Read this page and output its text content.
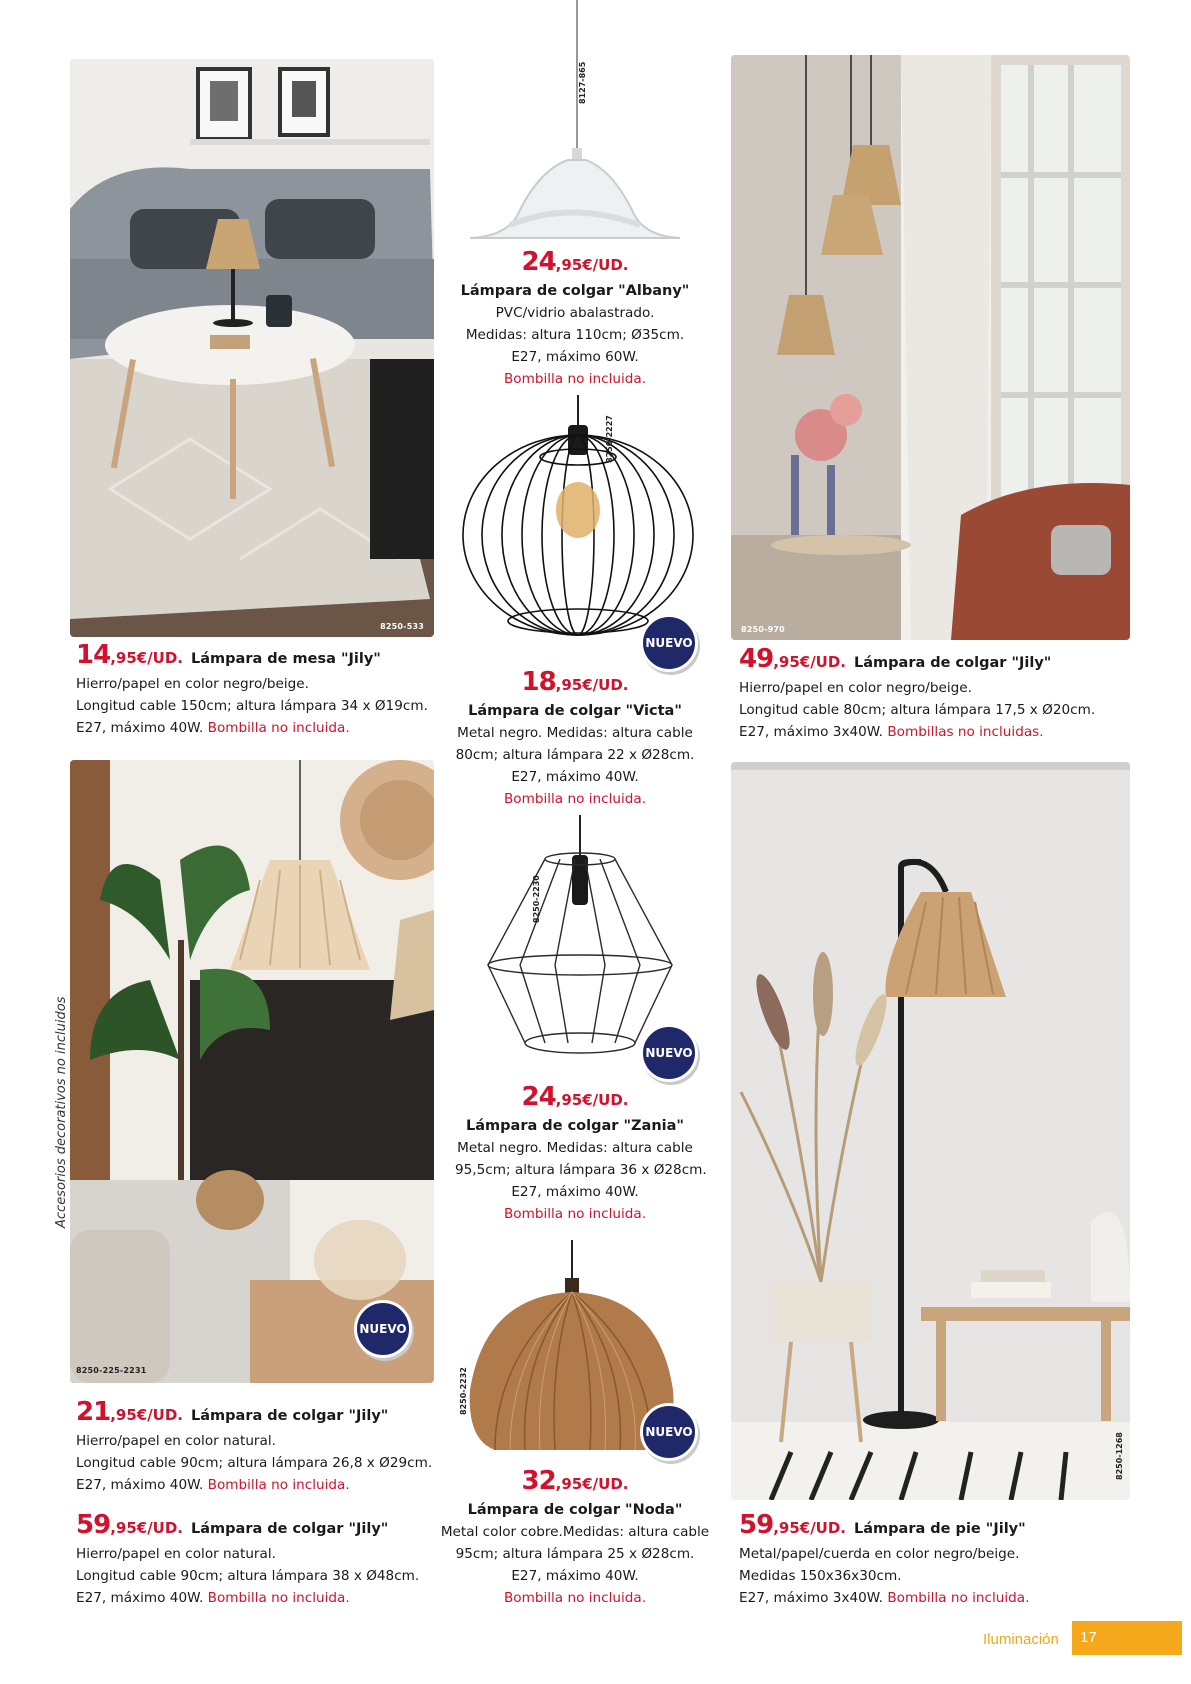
8250-533	8250-970
8127-865
24,95€/UD.
Lámpara de colgar "Albany"
PVC/vidrio abalastrado.
Medidas: altura 110cm; Ø35cm.
E27, máximo 60W.
Bombilla no incluida.
8250-2227
NUEVO
18,95€/UD.
Lámpara de colgar "Victa"
Metal negro. Medidas: altura cable
80cm; altura lámpara 22 x Ø28cm.
E27, máximo 40W.
Bombilla no incluida.
14,95€/UD. Lámpara de mesa "Jily"
Hierro/papel en color negro/beige.
Longitud cable 150cm; altura lámpara 34 x Ø19cm.
E27, máximo 40W. Bombilla no incluida.
49,95€/UD. Lámpara de colgar "Jily"
Hierro/papel en color negro/beige.
Longitud cable 80cm; altura lámpara 17,5 x Ø20cm.
E27, máximo 3x40W. Bombillas no incluidas.
8250-225-2231
NUEVO
8250-2230
NUEVO
24,95€/UD.
Lámpara de colgar "Zania"
Metal negro. Medidas: altura cable
95,5cm; altura lámpara 36 x Ø28cm.
E27, máximo 40W.
Bombilla no incluida.
8250-2232
NUEVO
32,95€/UD.
Lámpara de colgar "Noda"
Metal color cobre.Medidas: altura cable
95cm; altura lámpara 25 x Ø28cm.
E27, máximo 40W.
Bombilla no incluida.
8250-1268
21,95€/UD. Lámpara de colgar "Jily"
Hierro/papel en color natural.
Longitud cable 90cm; altura lámpara 26,8 x Ø29cm.
E27, máximo 40W. Bombilla no incluida.
59,95€/UD. Lámpara de colgar "Jily"
Hierro/papel en color natural.
Longitud cable 90cm; altura lámpara 38 x Ø48cm.
E27, máximo 40W. Bombilla no incluida.
59,95€/UD. Lámpara de pie "Jily"
Metal/papel/cuerda en color negro/beige.
Medidas 150x36x30cm.
E27, máximo 3x40W. Bombilla no incluida.
Accesorios decorativos no incluidos
Iluminación	17
